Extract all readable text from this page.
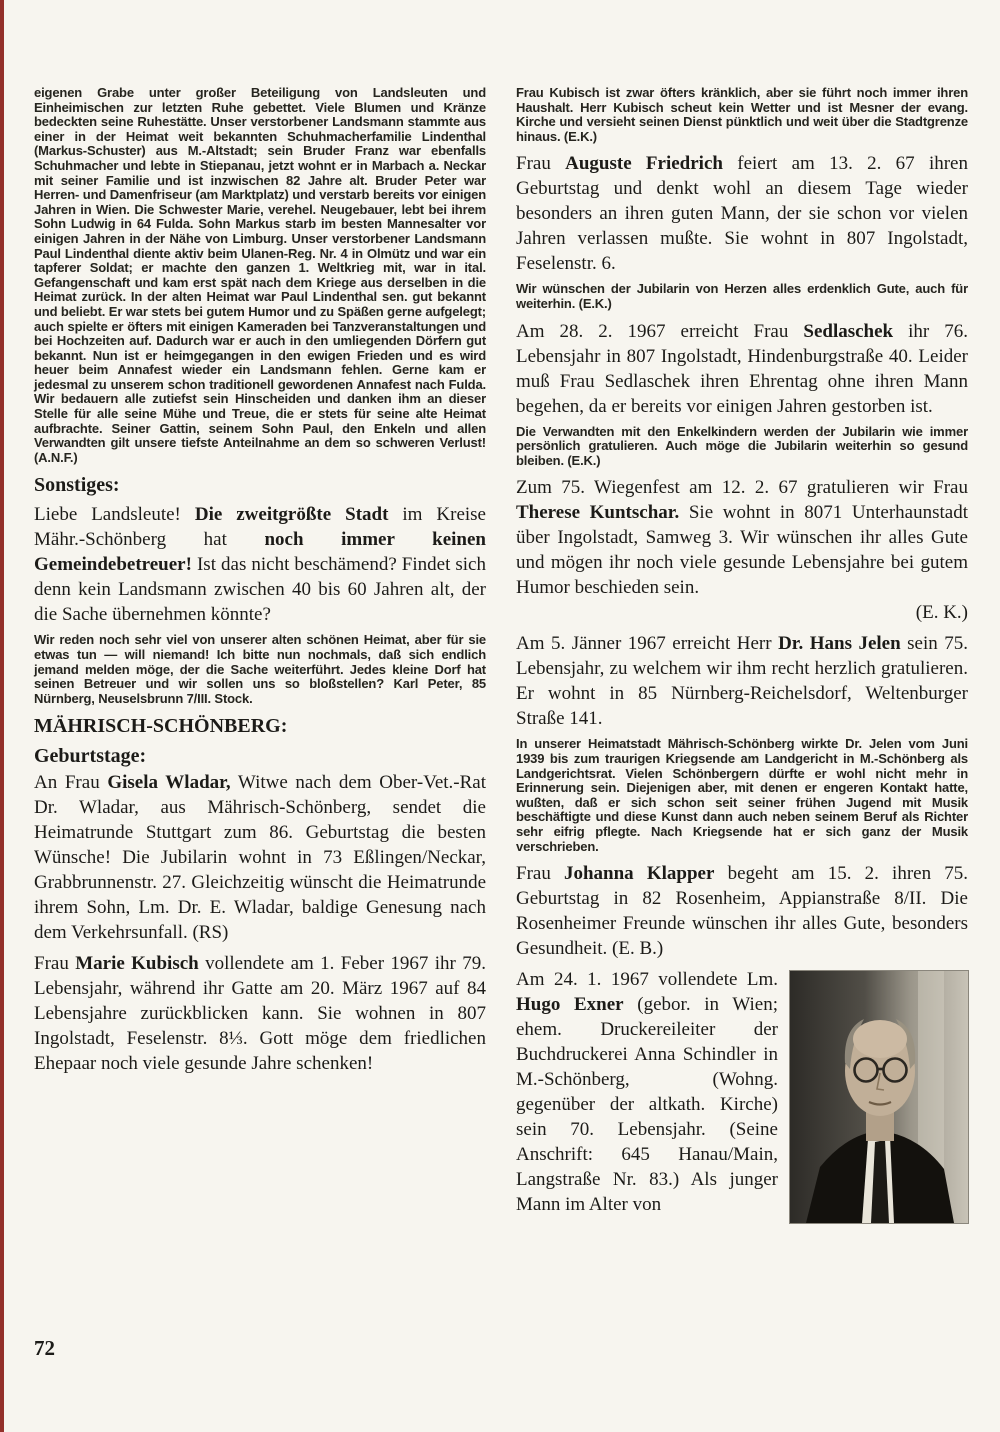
eigenen Grabe unter großer Beteiligung von Landsleuten und Einheimischen zur letzten Ruhe gebettet. Viele Blumen und Kränze bedeckten seine Ruhestätte. Unser verstorbener Landsmann stammte aus einer in der Heimat weit bekannten Schuhmacherfamilie Lindenthal (Markus-Schuster) aus M.-Altstadt; sein Bruder Franz war ebenfalls Schuhmacher und lebte in Stiepanau, jetzt wohnt er in Marbach a. Neckar mit seiner Familie und ist inzwischen 82 Jahre alt. Bruder Peter war Herren- und Damenfriseur (am Marktplatz) und verstarb bereits vor einigen Jahren in Wien. Die Schwester Marie, verehel. Neugebauer, lebt bei ihrem Sohn Ludwig in 64 Fulda. Sohn Markus starb im besten Mannesalter vor einigen Jahren in der Nähe von Limburg. Unser verstorbener Landsmann Paul Lindenthal diente aktiv beim Ulanen-Reg. Nr. 4 in Olmütz und war ein tapferer Soldat; er machte den ganzen 1. Weltkrieg mit, war in ital. Gefangenschaft und kam erst spät nach dem Kriege aus derselben in die Heimat zurück. In der alten Heimat war Paul Lindenthal sen. gut bekannt und beliebt. Er war stets bei gutem Humor und zu Späßen gerne aufgelegt; auch spielte er öfters mit einigen Kameraden bei Tanzveranstaltungen und bei Hochzeiten auf. Dadurch war er auch in den umliegenden Dörfern gut bekannt. Nun ist er heimgegangen in den ewigen Frieden und es wird heuer beim Annafest wieder ein Landsmann fehlen. Gerne kam er jedesmal zu unserem schon traditionell gewordenen Annafest nach Fulda. Wir bedauern alle zutiefst sein Hinscheiden und danken ihm an dieser Stelle für alle seine Mühe und Treue, die er stets für seine alte Heimat aufbrachte. Seiner Gattin, seinem Sohn Paul, den Enkeln und allen Verwandten gilt unsere tiefste Anteilnahme an dem so schweren Verlust! (A.N.F.)

Sonstiges:

Liebe Landsleute! Die zweitgrößte Stadt im Kreise Mähr.-Schönberg hat noch immer keinen Gemeindebetreuer! Ist das nicht beschämend? Findet sich denn kein Landsmann zwischen 40 bis 60 Jahren alt, der die Sache übernehmen könnte?

Wir reden noch sehr viel von unserer alten schönen Heimat, aber für sie etwas tun — will niemand! Ich bitte nun nochmals, daß sich endlich jemand melden möge, der die Sache weiterführt. Jedes kleine Dorf hat seinen Betreuer und wir sollen uns so bloßstellen? Karl Peter, 85 Nürnberg, Neuselsbrunn 7/III. Stock.

MÄHRISCH-SCHÖNBERG:
Geburtstage:

An Frau Gisela Wladar, Witwe nach dem Ober-Vet.-Rat Dr. Wladar, aus Mährisch-Schönberg, sendet die Heimatrunde Stuttgart zum 86. Geburtstag die besten Wünsche! Die Jubilarin wohnt in 73 Eßlingen/Neckar, Grabbrunnenstr. 27. Gleichzeitig wünscht die Heimatrunde ihrem Sohn, Lm. Dr. E. Wladar, baldige Genesung nach dem Verkehrsunfall. (RS)

Frau Marie Kubisch vollendete am 1. Feber 1967 ihr 79. Lebensjahr, während ihr Gatte am 20. März 1967 auf 84 Lebensjahre zurückblicken kann. Sie wohnen in 807 Ingolstadt, Feselenstr. 8⅓. Gott möge dem friedlichen Ehepaar noch viele gesunde Jahre schenken!

Frau Kubisch ist zwar öfters kränklich, aber sie führt noch immer ihren Haushalt. Herr Kubisch scheut kein Wetter und ist Mesner der evang. Kirche und versieht seinen Dienst pünktlich und weit über die Stadtgrenze hinaus. (E.K.)

Frau Auguste Friedrich feiert am 13. 2. 67 ihren Geburtstag und denkt wohl an diesem Tage wieder besonders an ihren guten Mann, der sie schon vor vielen Jahren verlassen mußte. Sie wohnt in 807 Ingolstadt, Feselenstr. 6.

Wir wünschen der Jubilarin von Herzen alles erdenklich Gute, auch für weiterhin. (E.K.)

Am 28. 2. 1967 erreicht Frau Sedlaschek ihr 76. Lebensjahr in 807 Ingolstadt, Hindenburgstraße 40. Leider muß Frau Sedlaschek ihren Ehrentag ohne ihren Mann begehen, da er bereits vor einigen Jahren gestorben ist.

Die Verwandten mit den Enkelkindern werden der Jubilarin wie immer persönlich gratulieren. Auch möge die Jubilarin weiterhin so gesund bleiben. (E.K.)

Zum 75. Wiegenfest am 12. 2. 67 gratulieren wir Frau Therese Kuntschar. Sie wohnt in 8071 Unterhaunstadt über Ingolstadt, Samweg 3. Wir wünschen ihr alles Gute und mögen ihr noch viele gesunde Lebensjahre bei gutem Humor beschieden sein.
(E. K.)

Am 5. Jänner 1967 erreicht Herr Dr. Hans Jelen sein 75. Lebensjahr, zu welchem wir ihm recht herzlich gratulieren. Er wohnt in 85 Nürnberg-Reichelsdorf, Weltenburger Straße 141.

In unserer Heimatstadt Mährisch-Schönberg wirkte Dr. Jelen vom Juni 1939 bis zum traurigen Kriegsende am Landgericht in M.-Schönberg als Landgerichtsrat. Vielen Schönbergern dürfte er wohl nicht mehr in Erinnerung sein. Diejenigen aber, mit denen er engeren Kontakt hatte, wußten, daß er sich schon seit seiner frühen Jugend mit Musik beschäftigte und diese Kunst dann auch neben seinem Beruf als Richter sehr eifrig pflegte. Nach Kriegsende hat er sich ganz der Musik verschrieben.

Frau Johanna Klapper begeht am 15. 2. ihren 75. Geburtstag in 82 Rosenheim, Appianstraße 8/II. Die Rosenheimer Freunde wünschen ihr alles Gute, besonders Gesundheit. (E. B.)

Am 24. 1. 1967 vollendete Lm. Hugo Exner (gebor. in Wien; ehem. Druckereileiter der Buchdruckerei Anna Schindler in M.-Schönberg, (Wohng. gegenüber der altkath. Kirche) sein 70. Lebensjahr. (Seine Anschrift: 645 Hanau/Main, Langstraße Nr. 83.) Als junger Mann im Alter von

72
